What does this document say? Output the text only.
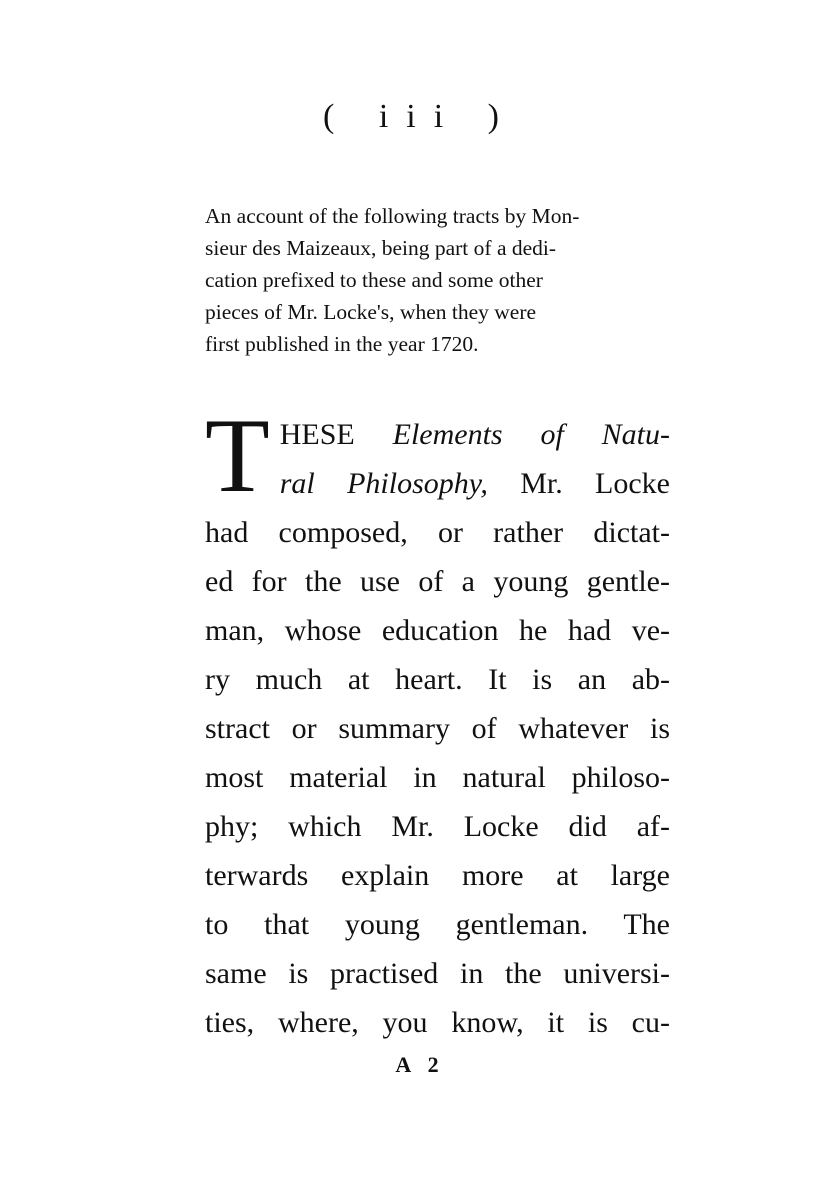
( iii )
An account of the following tracts by Mon-
sieur des Maizeaux, being part of a dedi-
cation prefixed to these and some other
pieces of Mr. Locke's, when they were
first published in the year 1720.
T HESE Elements of Natu-
ral Philosophy, Mr. Locke
had composed, or rather dictat-
ed for the use of a young gentle-
man, whose education he had ve-
ry much at heart. It is an ab-
stract or summary of whatever is
most material in natural philoso-
phy; which Mr. Locke did af-
terwards explain more at large
to that young gentleman. The
same is practised in the universi-
ties, where, you know, it is cu-
A 2
